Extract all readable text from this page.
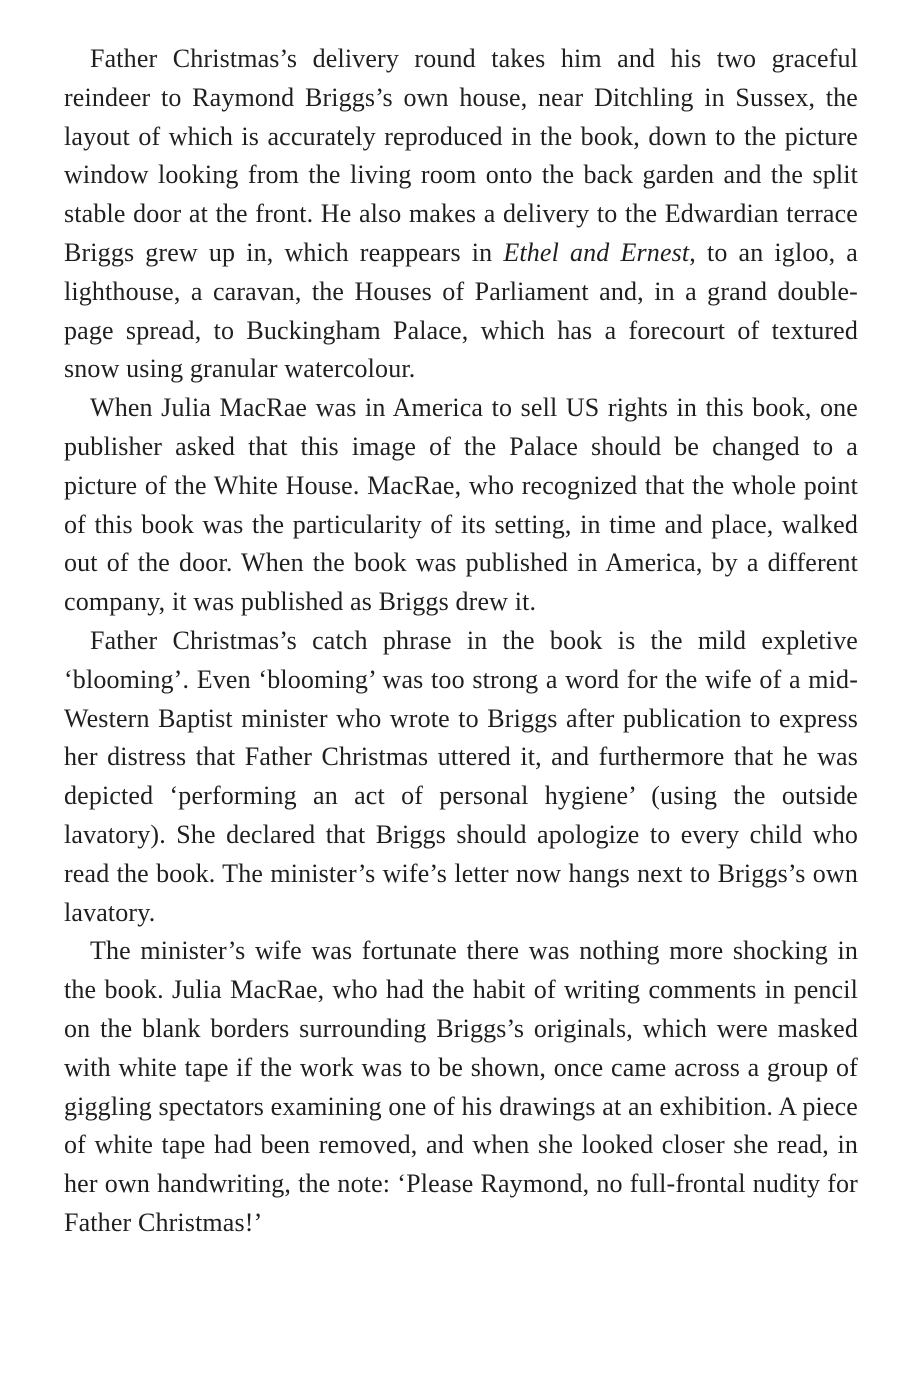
Father Christmas’s delivery round takes him and his two graceful reindeer to Raymond Briggs’s own house, near Ditchling in Sussex, the layout of which is accurately reproduced in the book, down to the picture window looking from the living room onto the back garden and the split stable door at the front. He also makes a delivery to the Edwardian terrace Briggs grew up in, which reappears in Ethel and Ernest, to an igloo, a lighthouse, a caravan, the Houses of Parliament and, in a grand double-page spread, to Buckingham Palace, which has a forecourt of textured snow using granular watercolour.

When Julia MacRae was in America to sell US rights in this book, one publisher asked that this image of the Palace should be changed to a picture of the White House. MacRae, who recognized that the whole point of this book was the particularity of its setting, in time and place, walked out of the door. When the book was published in America, by a different company, it was published as Briggs drew it.

Father Christmas’s catch phrase in the book is the mild expletive ‘blooming’. Even ‘blooming’ was too strong a word for the wife of a mid-Western Baptist minister who wrote to Briggs after publication to express her distress that Father Christmas uttered it, and furthermore that he was depicted ‘performing an act of personal hygiene’ (using the outside lavatory). She declared that Briggs should apologize to every child who read the book. The minister’s wife’s letter now hangs next to Briggs’s own lavatory.

The minister’s wife was fortunate there was nothing more shocking in the book. Julia MacRae, who had the habit of writing comments in pencil on the blank borders surrounding Briggs’s originals, which were masked with white tape if the work was to be shown, once came across a group of giggling spectators examining one of his drawings at an exhibition. A piece of white tape had been removed, and when she looked closer she read, in her own handwriting, the note: ‘Please Raymond, no full-frontal nudity for Father Christmas!’
